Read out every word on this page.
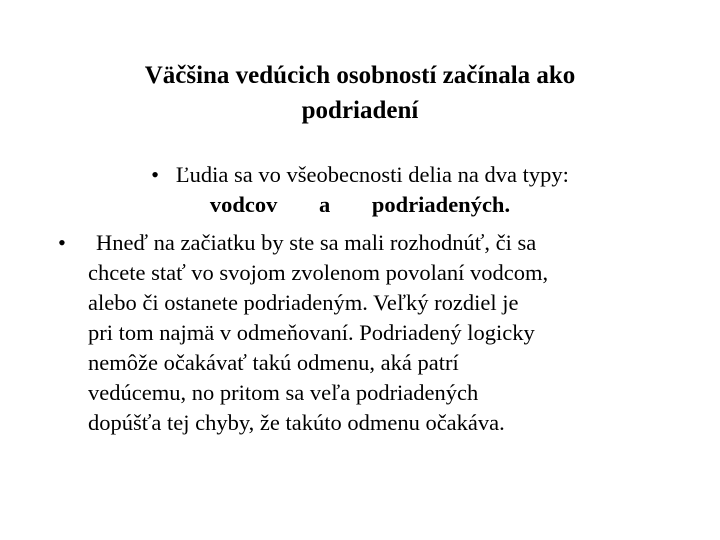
Väčšina vedúcich osobností začínala ako
podriadení
• Ľudia sa vo všeobecnosti delia na dva typy:
vodcov a podriadených.
•	Hneď na začiatku by ste sa mali rozhodnúť, či sa
chcete stať vo svojom zvolenom povolaní vodcom,
alebo či ostanete podriadeným. Veľký rozdiel je
pri tom najmä v odmeňovaní. Podriadený logicky
nemôže očakávať takú odmenu, aká patrí
vedúcemu, no pritom sa veľa podriadených
dopúšťa tej chyby, že takúto odmenu očakáva.
